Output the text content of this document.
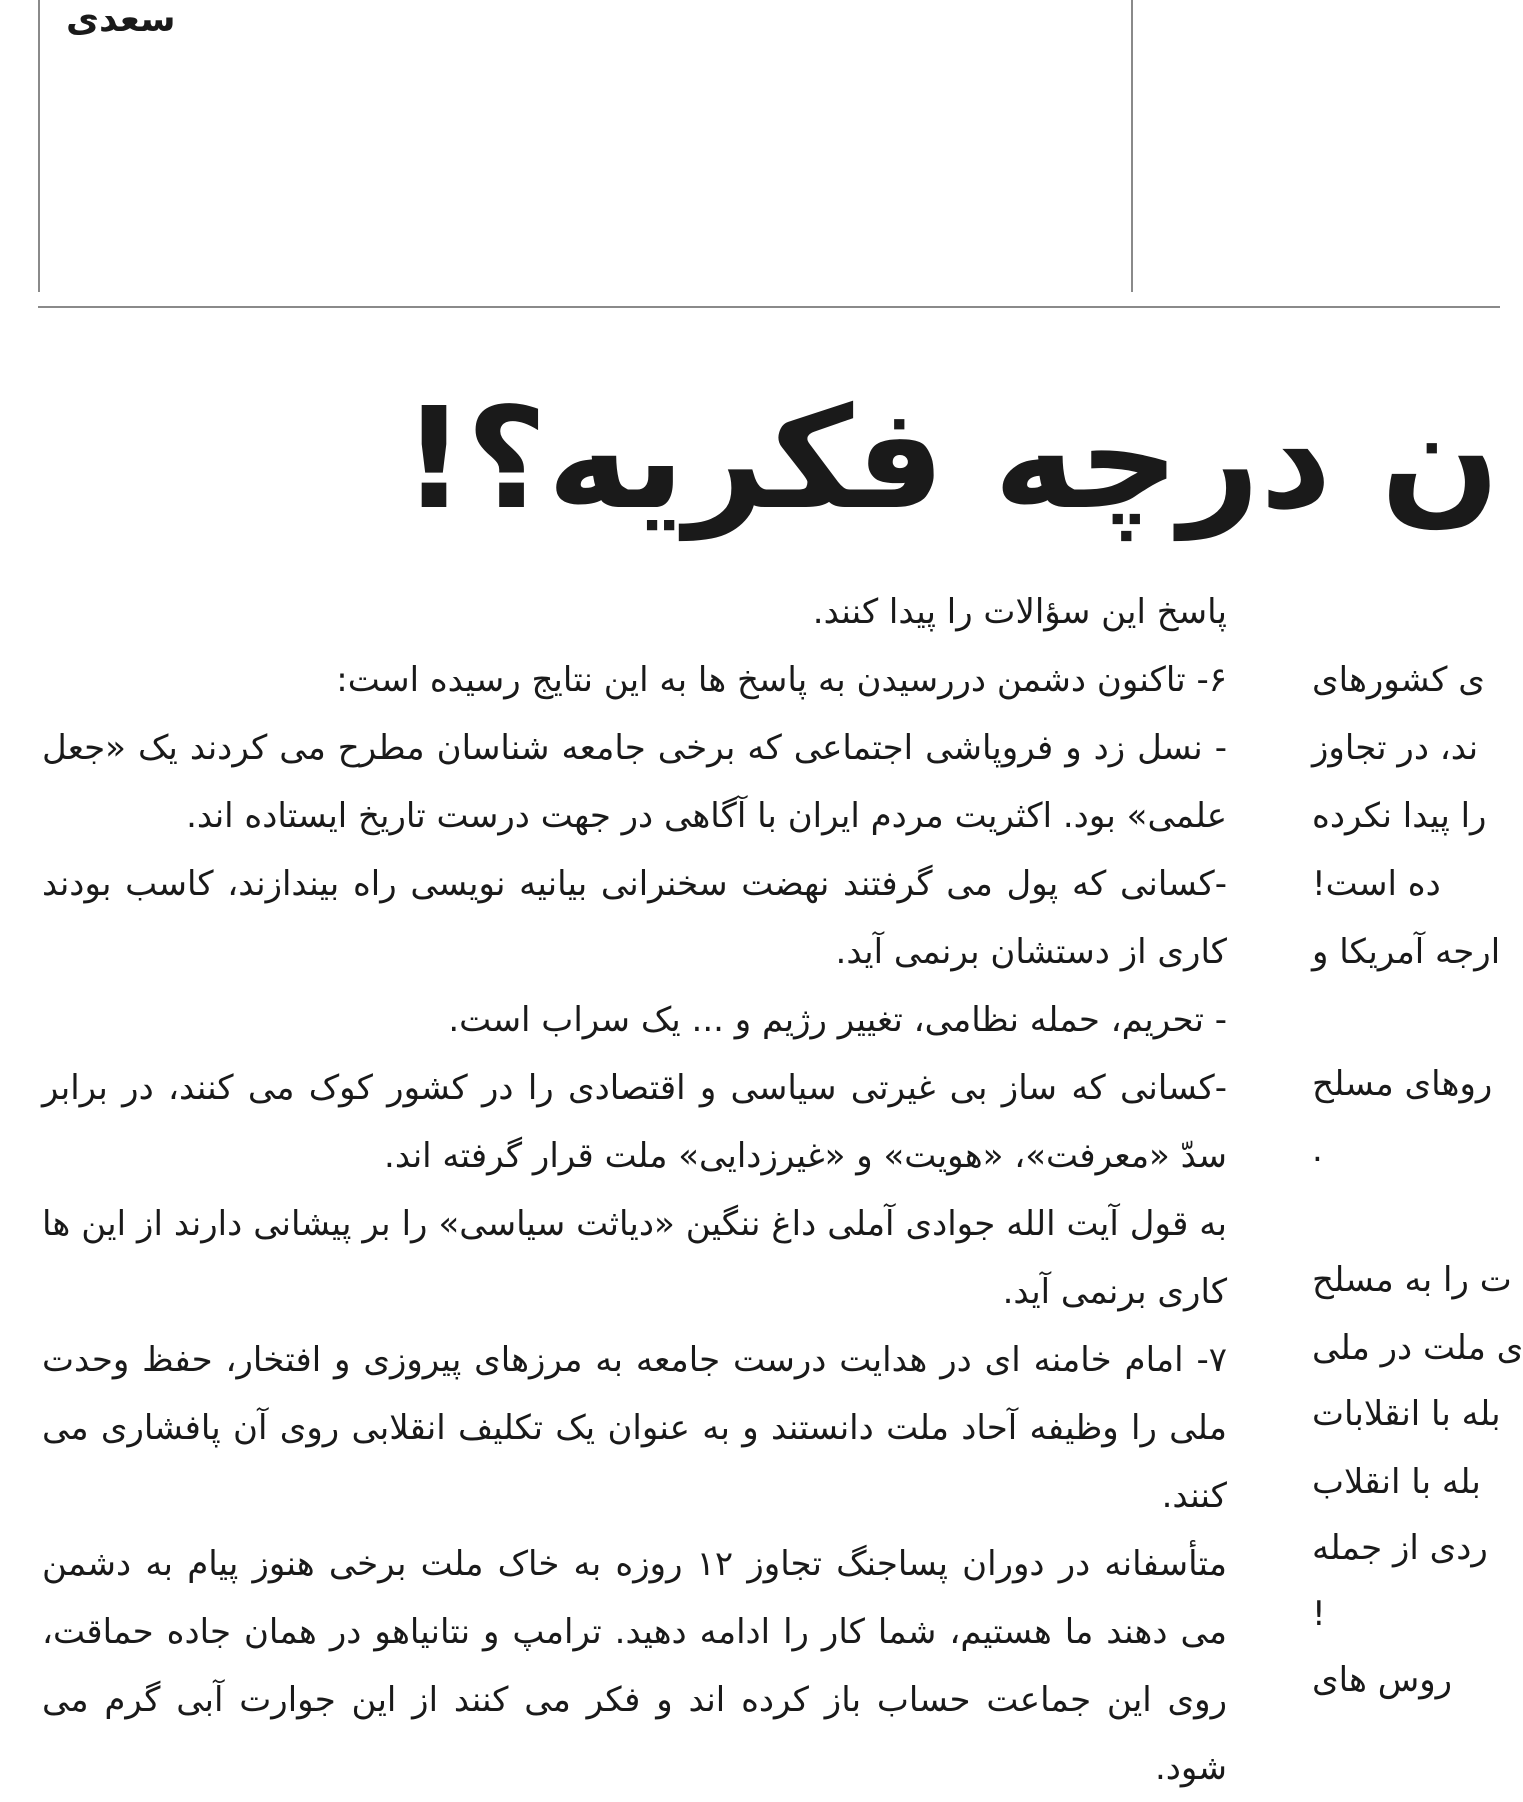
سعدی
ن درچه فکریه؟!

پاسخ این سؤالات را پیدا کنند.

۶- تاکنون دشمن دررسیدن به پاسخ ها به این نتایج رسیده است:

- نسل زد و فروپاشی اجتماعی که برخی جامعه شناسان مطرح می کردند یک «جعل علمی» بود. اکثریت مردم ایران با آگاهی در جهت درست تاریخ ایستاده اند.

-کسانی که پول می گرفتند نهضت سخنرانی بیانیه نویسی راه بیندازند، کاسب بودند کاری از دستشان برنمی آید.

- تحریم، حمله نظامی، تغییر رژیم و ... یک سراب است.

-کسانی که ساز بی غیرتی سیاسی و اقتصادی را در کشور کوک می کنند، در برابر سدّ «معرفت»، «هویت» و «غیرزدایی» ملت قرار گرفته اند.

به قول آیت الله جوادی آملی داغ ننگین «دیاثت سیاسی» را بر پیشانی دارند از این ها کاری برنمی آید.

۷- امام خامنه ای در هدایت درست جامعه به مرزهای پیروزی و افتخار، حفظ وحدت ملی را وظیفه آحاد ملت دانستند و به عنوان یک تکلیف انقلابی روی آن پافشاری می کنند.

متأسفانه در دوران پساجنگ تجاوز ۱۲ روزه به خاک ملت برخی هنوز پیام به دشمن می دهند ما هستیم، شما کار را ادامه دهید. ترامپ و نتانیاهو در همان جاده حماقت، روی این جماعت حساب باز کرده اند و فکر می کنند از این جوارت آبی گرم می شود.

ی کشورهای
ند، در تجاوز
را پیدا نکرده
ده است!
ارجه آمریکا و
روهای مسلح
.
ت را به مسلح
ی ملت در ملی
بله با انقلابات
بله با انقلاب
ردی از جمله
!
روس های
